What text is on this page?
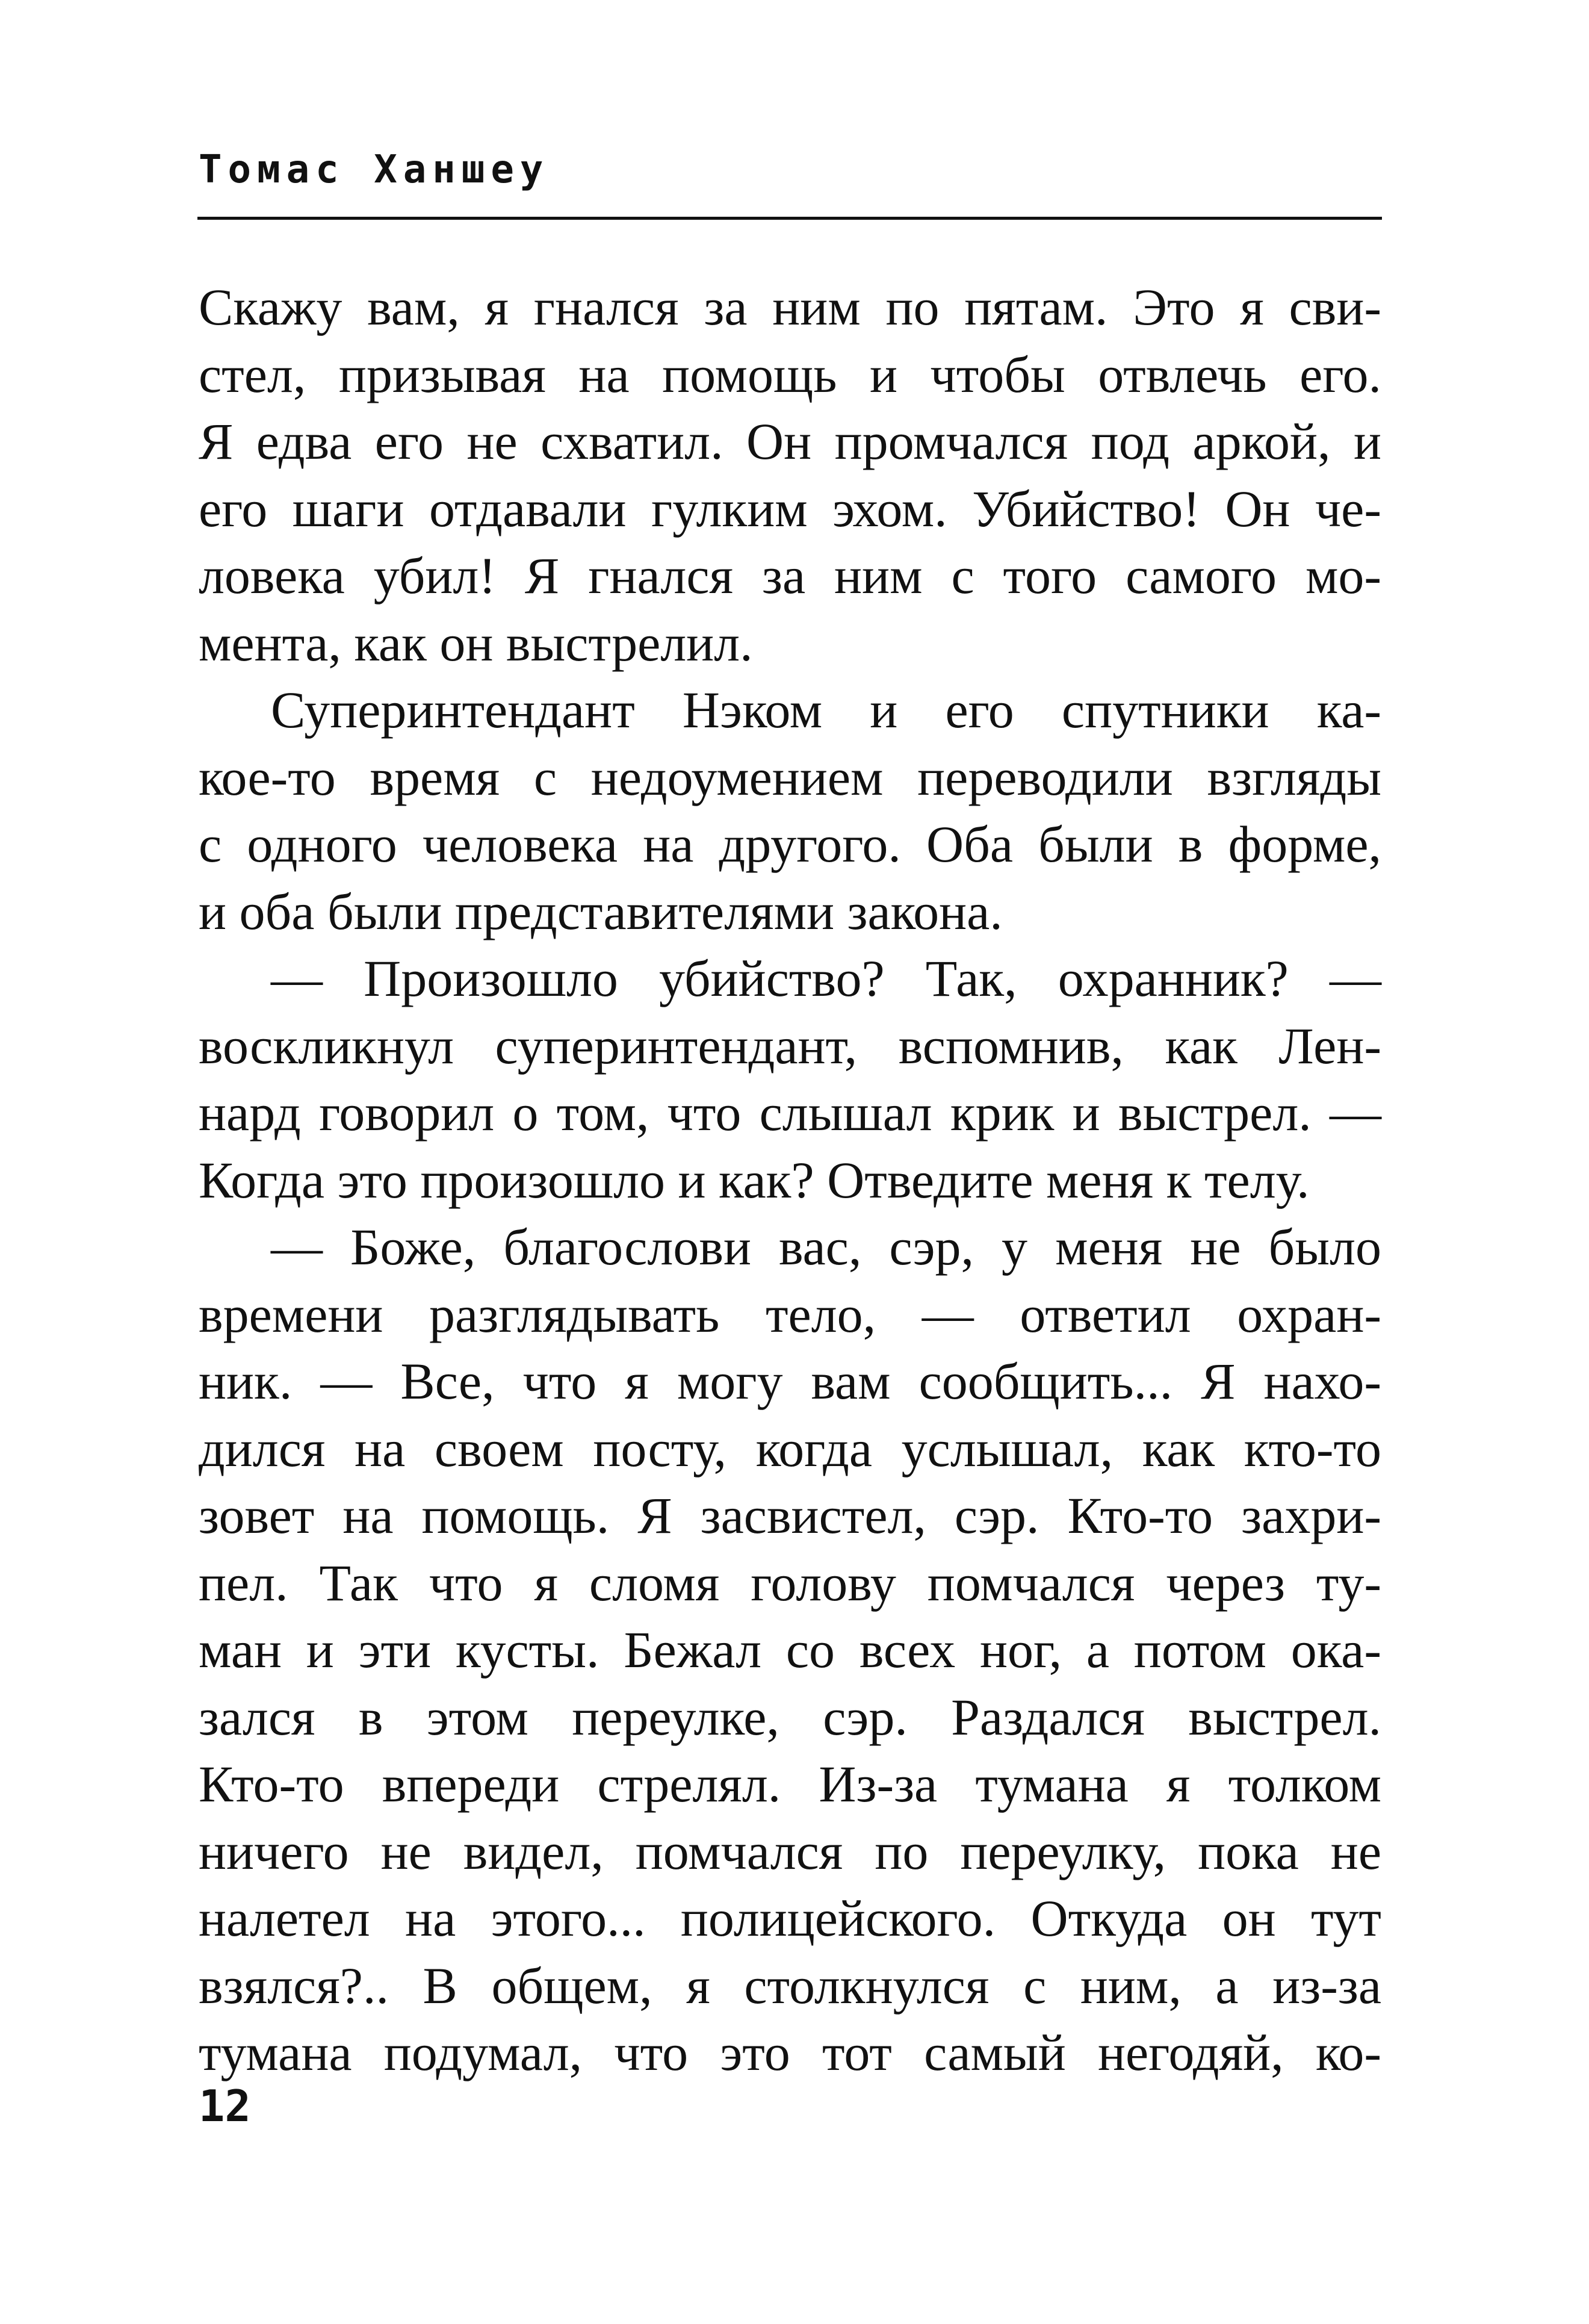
Томас Ханшеу
Скажу вам, я гнался за ним по пятам. Это я сви-
стел, призывая на помощь и чтобы отвлечь его.
Я едва его не схватил. Он промчался под аркой, и
его шаги отдавали гулким эхом. Убийство! Он че-
ловека убил! Я гнался за ним с того самого мо-
мента, как он выстрелил.
Суперинтендант Нэком и его спутники ка-
кое-то время с недоумением переводили взгляды
с одного человека на другого. Оба были в форме,
и оба были представителями закона.
— Произошло убийство? Так, охранник? —
воскликнул суперинтендант, вспомнив, как Лен-
нард говорил о том, что слышал крик и выстрел. —
Когда это произошло и как? Отведите меня к телу.
— Боже, благослови вас, сэр, у меня не было
времени разглядывать тело, — ответил охран-
ник. — Все, что я могу вам сообщить... Я нахо-
дился на своем посту, когда услышал, как кто-то
зовет на помощь. Я засвистел, сэр. Кто-то захри-
пел. Так что я сломя голову помчался через ту-
ман и эти кусты. Бежал со всех ног, а потом ока-
зался в этом переулке, сэр. Раздался выстрел.
Кто-то впереди стрелял. Из-за тумана я толком
ничего не видел, помчался по переулку, пока не
налетел на этого... полицейского. Откуда он тут
взялся?.. В общем, я столкнулся с ним, а из-за
тумана подумал, что это тот самый негодяй, ко-
12
